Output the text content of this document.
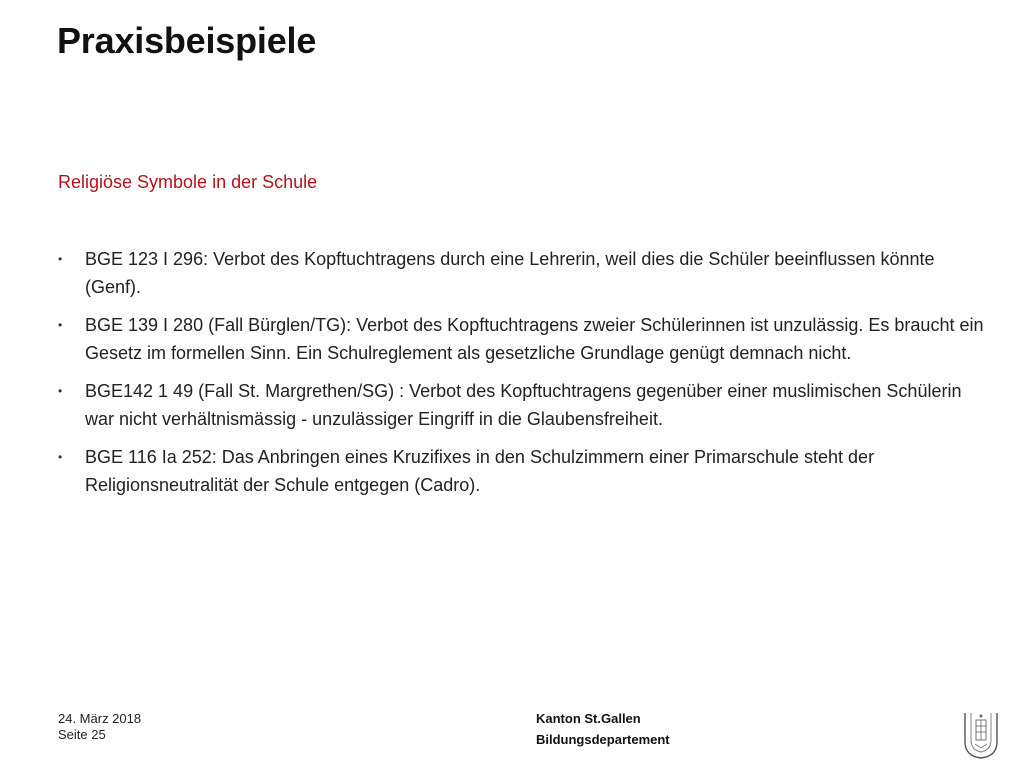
Praxisbeispiele

Religiöse Symbole in der Schule

• BGE 123 I 296: Verbot des Kopftuchtragens durch eine Lehrerin, weil dies die Schüler beeinflussen könnte (Genf).
• BGE 139 I 280 (Fall Bürglen/TG): Verbot des Kopftuchtragens zweier Schülerinnen ist unzulässig. Es braucht ein Gesetz im formellen Sinn. Ein Schulreglement als gesetzliche Grundlage genügt demnach nicht.
• BGE142 1 49 (Fall St. Margrethen/SG) : Verbot des Kopftuchtragens gegenüber einer muslimischen Schülerin war nicht verhältnismässig - unzulässiger Eingriff in die Glaubensfreiheit.
• BGE 116 Ia 252: Das Anbringen eines Kruzifixes in den Schulzimmern einer Primarschule steht der Religionsneutralität der Schule entgegen (Cadro).
24. März 2018
Seite 25
Kanton St.Gallen
Bildungsdepartement
